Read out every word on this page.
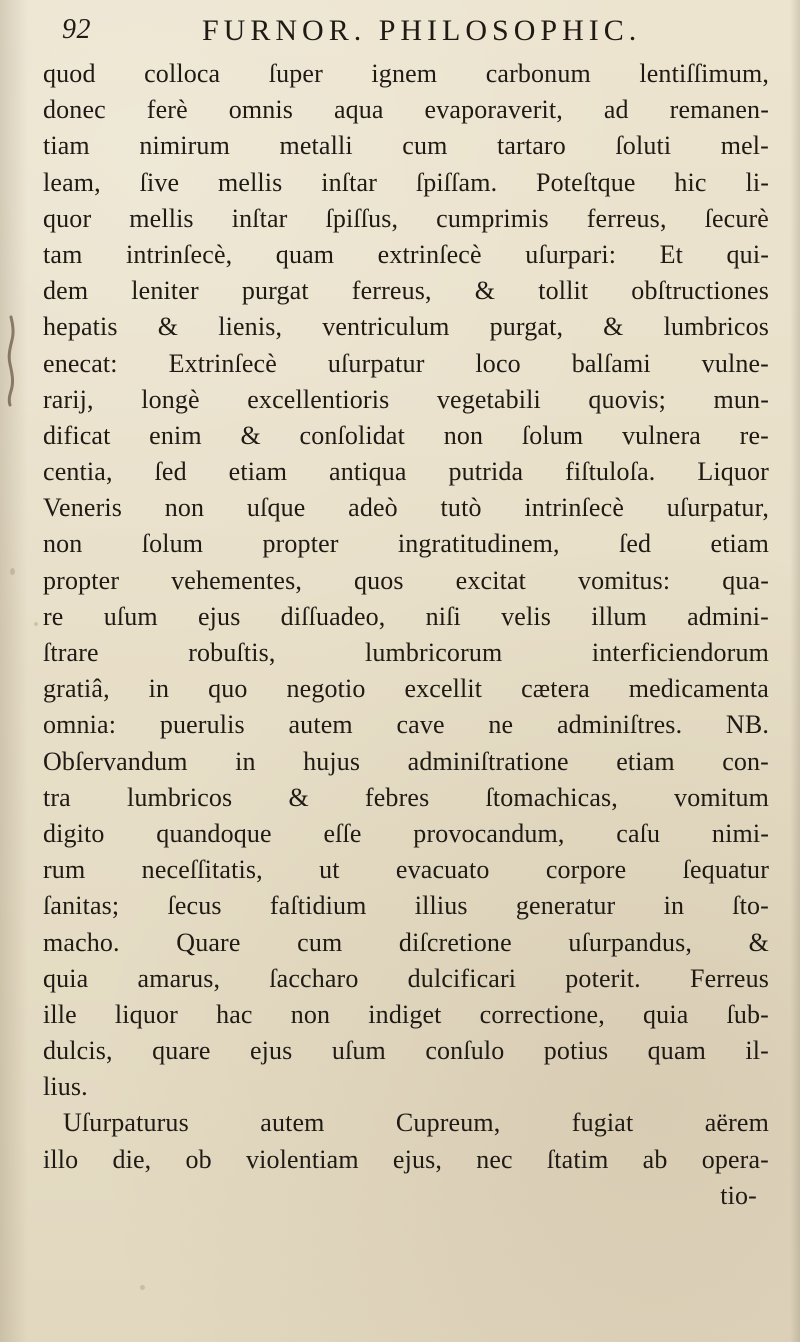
92	FURNOR. PHILOSOPHIC.
quod colloca ſuper ignem carbonum lentiſſimum,
donec ferè omnis aqua evaporaverit, ad remanen-
tiam nimirum metalli cum tartaro ſoluti mel-
leam, ſive mellis inſtar ſpiſſam. Poteſtque hic li-
quor mellis inſtar ſpiſſus, cumprimis ferreus, ſecurè
tam intrinſecè, quam extrinſecè uſurpari: Et qui-
dem leniter purgat ferreus, & tollit obſtructiones
hepatis & lienis, ventriculum purgat, & lumbricos
enecat: Extrinſecè uſurpatur loco balſami vulne-
rarij, longè excellentioris vegetabili quovis; mun-
dificat enim & conſolidat non ſolum vulnera re-
centia, ſed etiam antiqua putrida fiſtuloſa. Liquor
Veneris non uſque adeò tutò intrinſecè uſurpatur,
non ſolum propter ingratitudinem, ſed etiam
propter vehementes, quos excitat vomitus: qua-
re uſum ejus diſſuadeo, niſi velis illum admini-
ſtrare robuſtis, lumbricorum interficiendorum
gratiâ, in quo negotio excellit cætera medicamenta
omnia: puerulis autem cave ne adminiſtres. NB.
Obſervandum in hujus adminiſtratione etiam con-
tra lumbricos & febres ſtomachicas, vomitum
digito quandoque eſſe provocandum, caſu nimi-
rum neceſſitatis, ut evacuato corpore ſequatur
ſanitas; ſecus faſtidium illius generatur in ſto-
macho. Quare cum diſcretione uſurpandus, &
quia amarus, ſaccharo dulcificari poterit. Ferreus
ille liquor hac non indiget correctione, quia ſub-
dulcis, quare ejus uſum conſulo potius quam il-
lius.
Uſurpaturus autem Cupreum, fugiat aërem
illo die, ob violentiam ejus, nec ſtatim ab opera-
tio-
